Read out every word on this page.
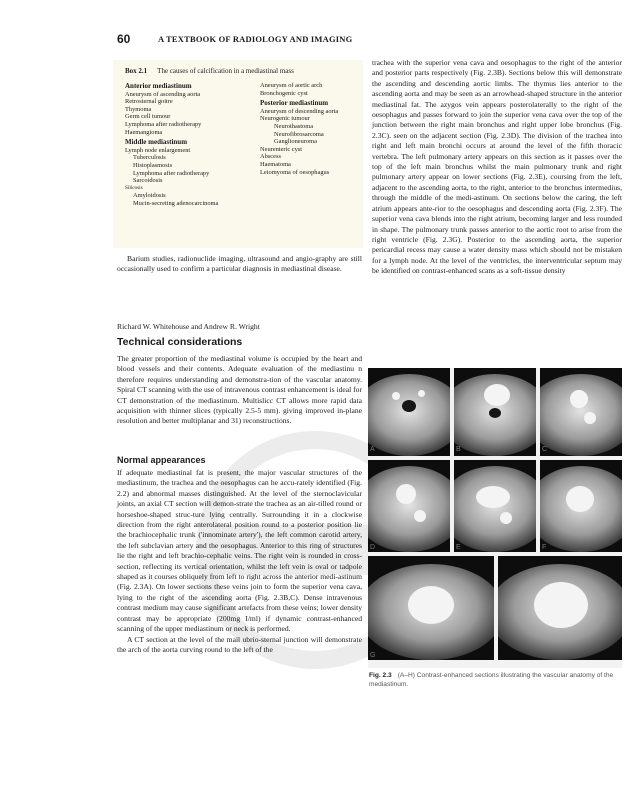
60	A TEXTBOOK OF RADIOLOGY AND IMAGING
Box 2.1 The causes of calcification in a mediastinal mass
Anterior mediastinum
Aneurysm of ascending aorta
Retrosternal goitre
Thymoma
Germ cell tumour
Lymphoma after radiotherapy
Haemangioma
Middle mediastinum
Lymph node enlargement
Tuberculosis
Histoplasmosis
Lymphoma after radiotherapy
Sarcoidosis
Silicosis
Amyloidosis
Mucin-secreting adenocarcinoma
Aneurysm of aortic arch
Bronchogenic cyst
Posterior mediastinum
Aneurysm of descending aorta
Neurogenic tumour
Neurothastoma
Neurofibrosarcoma
Ganglioneuroma
Neurenteric cyst
Abscess
Haematoma
Leiomyoma of oesophagus

Barium studies, radionuclide imaging, ultrasound and angio-graphy are still occasionally used to confirm a particular diagnosis in mediastinal disease.

Richard W. Whitehouse and Andrew R. Wright
Technical considerations

The greater proportion of the mediastinal volume is occupied by the heart and blood vessels and their contents. Adequate evaluation of the mediastinu n therefore requires understanding and demonstra-tion of the vascular anatomy. Spiral CT scanning with the use of intravenous contrast enhancement is ideal for CT demonstration of the mediastinum. Multislicc CT allows more rapid data acquisition with thinner slices (typically 2.5-5 mm). giving improved in-plane resolution and better multiplanar and 31) reconstructions.

Normal appearances

If adequate mediastinal fat is present, the major vascular structures of the mediastinum, the trachea and the oesophagus can he accu-rately identified (Fig. 2.2) and abnormal masses distinguished. At the level of the sternoclavicular joints, an axial CT section will demon-strate the trachea as an air-tilled round or horseshoe-shaped struc-ture lying centrally. Surrounding it in a clockwise direction from the right anterolateral position round to a posterior position lie the brachiocephalic trunk ('innominate artery'), the left common carotid artery, the left subclavian artery and the oesophagus. Anterior to this ring of structures lie the right and left brachio-cephalic veins. The right vein is rounded in cross-section, reflecting its vertical orientation, whilst the left vein is oval or tadpole shaped as it courses obliquely from left to right across the anterior medi-astinum (Fig. 2.3A). On lower sections these veins join to form the superior vena cava, lying to the right of the ascending aorta (Fig. 2.3B,C). Dense intravenous contrast medium may cause significant artefacts from these veins; lower density contrast may be appropriate (200mg I/ml) if dynamic contrast-enhanced scanning of the upper mediastinum or neck is performed.

A CT section at the level of the mail ubrio-sternal junction will demonstrate the arch of the aorta curving round to the left of the

trachea with the superior vena cava and oesophagus to the right of the anterior and posterior parts respectively (Fig. 2.3B). Sections below this will demonstrate the ascending and descending aortic limbs. The thymus lies anterior to the ascending aorta and may be seen as an arrowhead-shaped structure in the anterior mediastinal fat. The azygos vein appears posterolaterally to the right of the oesophagus and passes forward to join the superior vena cava over the top of the junction between the right main bronchus and right upper lobe bronchus (Fig. 2.3C). seen on the adjacent section (Fig. 2.3D). The division of the trachea into right and left main bronchi occurs at around the level of the fifth thoracic vertebra. The left pulmonary artery appears on this section as it passes over the top of the left main bronchus whilst the main pulmonary trunk and right pulmonary artery appear on lower sections (Fig. 2.3E), coursing from the left, adjacent to the ascending aorta, to the right, anterior to the bronchus intermedius, through the middle of the medi-astinum. On sections below the caring, the left atrium appears ante-rior to the oesophagus and descending aorta (Fig. 2.3F). The superior vena cava blends into the right atrium, becoming larger and less rounded in shape. The pulmonary trunk passes anterior to the aortic root to arise from the right ventricle (Fig. 2.3G). Posterior to the ascending aorta, the superior pericardial recess may cause a water density mass which should not be mistaken for a lymph node. At the level of the ventricles, the interventricular septum may be identified on contrast-enhanced scans as a soft-tissue density

A	B	C
D	E	F
G
Fig. 2.3 (A–H) Contrast-enhanced sections illustrating the vascular anatomy of the mediastinum.
